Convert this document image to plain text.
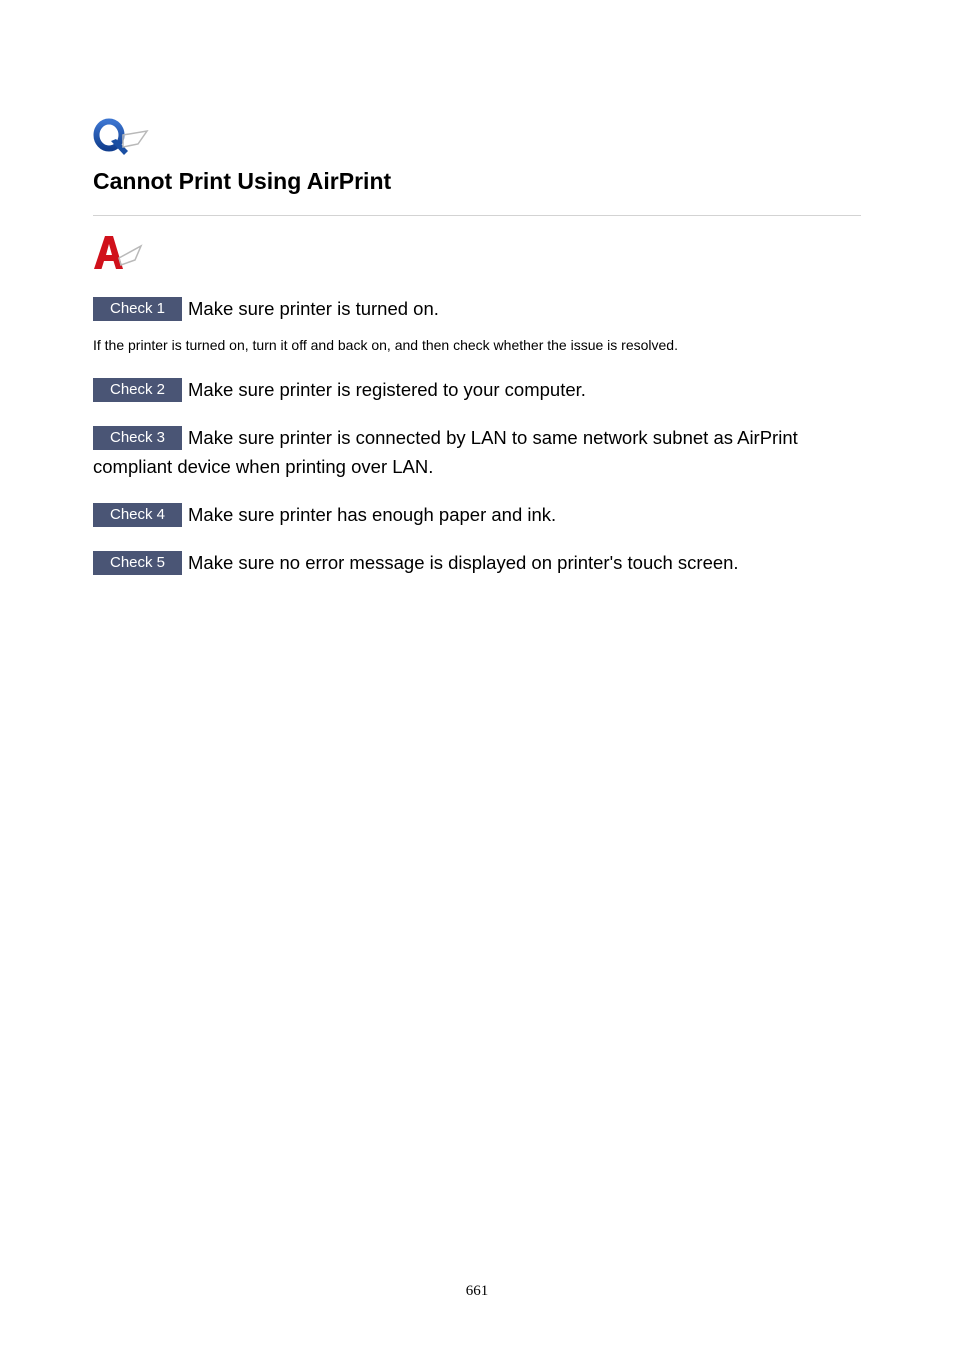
Cannot Print Using AirPrint
Check 1 Make sure printer is turned on.
If the printer is turned on, turn it off and back on, and then check whether the issue is resolved.
Check 2 Make sure printer is registered to your computer.
Check 3 Make sure printer is connected by LAN to same network subnet as AirPrint compliant device when printing over LAN.
Check 4 Make sure printer has enough paper and ink.
Check 5 Make sure no error message is displayed on printer's touch screen.
661
